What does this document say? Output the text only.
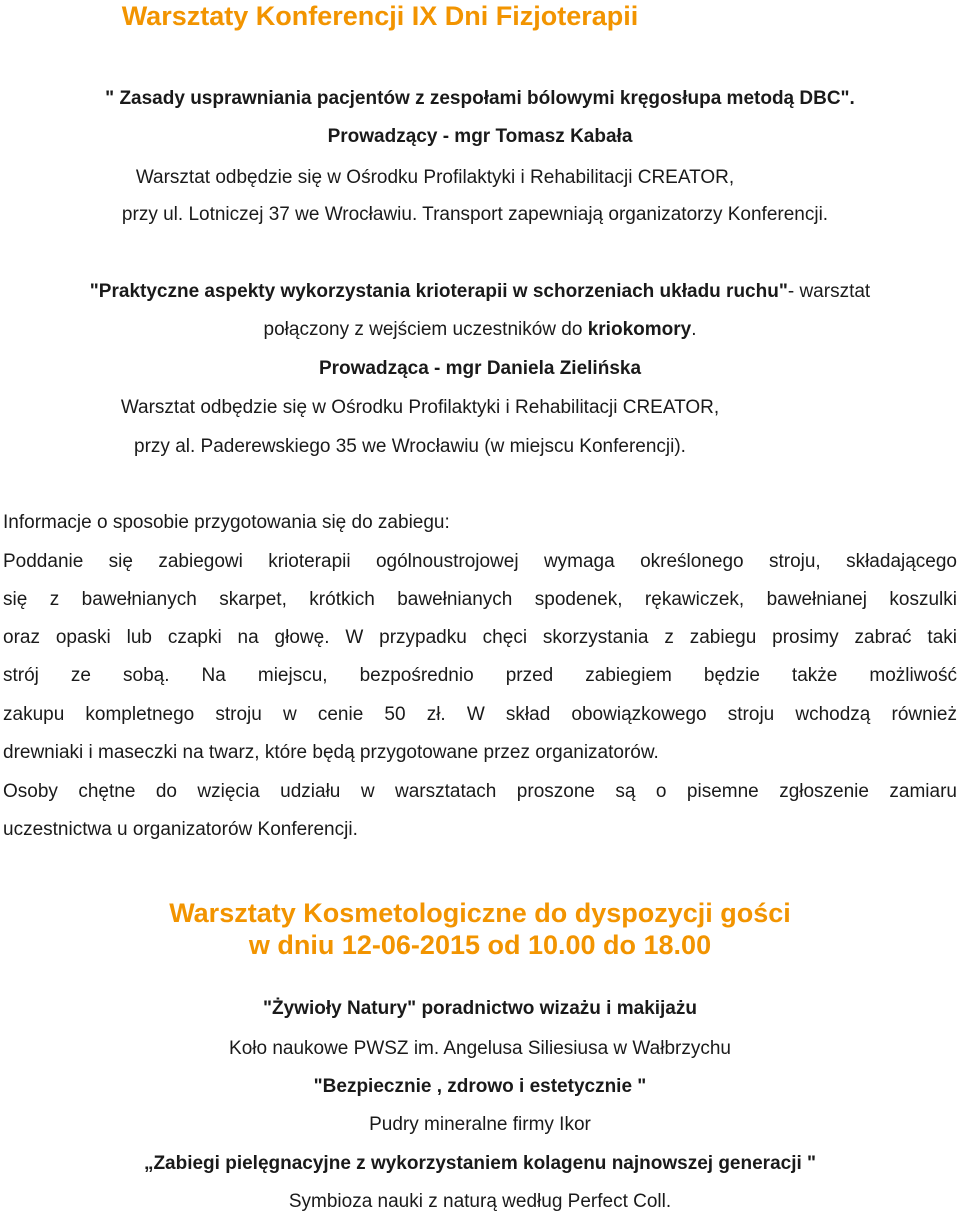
Warsztaty Konferencji IX Dni Fizjoterapii
" Zasady usprawniania pacjentów z zespołami bólowymi kręgosłupa metodą DBC".
Prowadzący - mgr Tomasz Kabała
Warsztat odbędzie się w Ośrodku Profilaktyki i Rehabilitacji CREATOR,
przy ul. Lotniczej 37 we Wrocławiu. Transport zapewniają organizatorzy Konferencji.
"Praktyczne aspekty wykorzystania krioterapii w schorzeniach układu ruchu"- warsztat
połączony z wejściem uczestników do kriokomory.
Prowadząca - mgr Daniela Zielińska
Warsztat odbędzie się w Ośrodku Profilaktyki i Rehabilitacji CREATOR,
przy al. Paderewskiego 35 we Wrocławiu (w miejscu Konferencji).
Informacje o sposobie przygotowania się do zabiegu:
Poddanie się zabiegowi krioterapii ogólnoustrojowej wymaga określonego stroju, składającego
się z bawełnianych skarpet, krótkich bawełnianych spodenek, rękawiczek, bawełnianej koszulki
oraz opaski lub czapki na głowę. W przypadku chęci skorzystania z zabiegu prosimy zabrać taki
strój ze sobą. Na miejscu, bezpośrednio przed zabiegiem będzie także możliwość
zakupu kompletnego stroju w cenie 50 zł. W skład obowiązkowego stroju wchodzą również
drewniaki i maseczki na twarz, które będą przygotowane przez organizatorów.
Osoby chętne do wzięcia udziału w warsztatach proszone są o pisemne zgłoszenie zamiaru
uczestnictwa u organizatorów Konferencji.
Warsztaty Kosmetologiczne do dyspozycji gości
w dniu 12-06-2015 od 10.00 do 18.00
"Żywioły Natury" poradnictwo wizażu i makijażu
Koło naukowe PWSZ im. Angelusa Siliesiusa w Wałbrzychu
"Bezpiecznie , zdrowo i estetycznie "
Pudry mineralne firmy Ikor
„Zabiegi pielęgnacyjne z wykorzystaniem kolagenu najnowszej generacji "
Symbioza nauki z naturą według Perfect Coll.
